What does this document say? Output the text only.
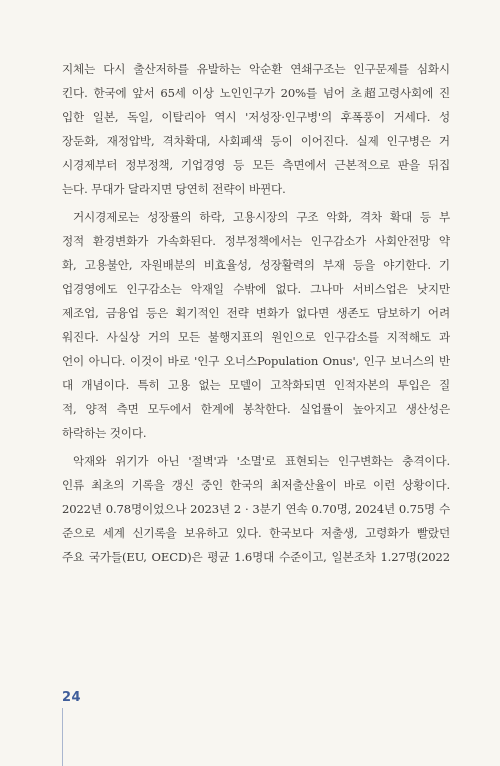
지체는 다시 출산저하를 유발하는 악순환 연쇄구조는 인구문제를 심화시
킨다. 한국에 앞서 65세 이상 노인인구가 20%를 넘어 초超고령사회에 진
입한 일본, 독일, 이탈리아 역시 '저성장·인구병'의 후폭풍이 거세다. 성
장둔화, 재정압박, 격차확대, 사회폐색 등이 이어진다. 실제 인구병은 거
시경제부터 정부정책, 기업경영 등 모든 측면에서 근본적으로 판을 뒤집
는다. 무대가 달라지면 당연히 전략이 바뀐다.
거시경제로는 성장률의 하락, 고용시장의 구조 악화, 격차 확대 등 부
정적 환경변화가 가속화된다. 정부정책에서는 인구감소가 사회안전망 약
화, 고용불안, 자원배분의 비효율성, 성장활력의 부재 등을 야기한다. 기
업경영에도 인구감소는 악재일 수밖에 없다. 그나마 서비스업은 낫지만
제조업, 금융업 등은 획기적인 전략 변화가 없다면 생존도 담보하기 어려
워진다. 사실상 거의 모든 불행지표의 원인으로 인구감소를 지적해도 과
언이 아니다. 이것이 바로 '인구 오너스Population Onus', 인구 보너스의 반
대 개념이다. 특히 고용 없는 모델이 고착화되면 인적자본의 투입은 질
적, 양적 측면 모두에서 한계에 봉착한다. 실업률이 높아지고 생산성은
하락하는 것이다.
악재와 위기가 아닌 '절벽'과 '소멸'로 표현되는 인구변화는 충격이다.
인류 최초의 기록을 갱신 중인 한국의 최저출산율이 바로 이런 상황이다.
2022년 0.78명이었으나 2023년 2 · 3분기 연속 0.70명, 2024년 0.75명 수
준으로 세계 신기록을 보유하고 있다. 한국보다 저출생, 고령화가 빨랐던
주요 국가들(EU, OECD)은 평균 1.6명대 수준이고, 일본조차 1.27명(2022
24
